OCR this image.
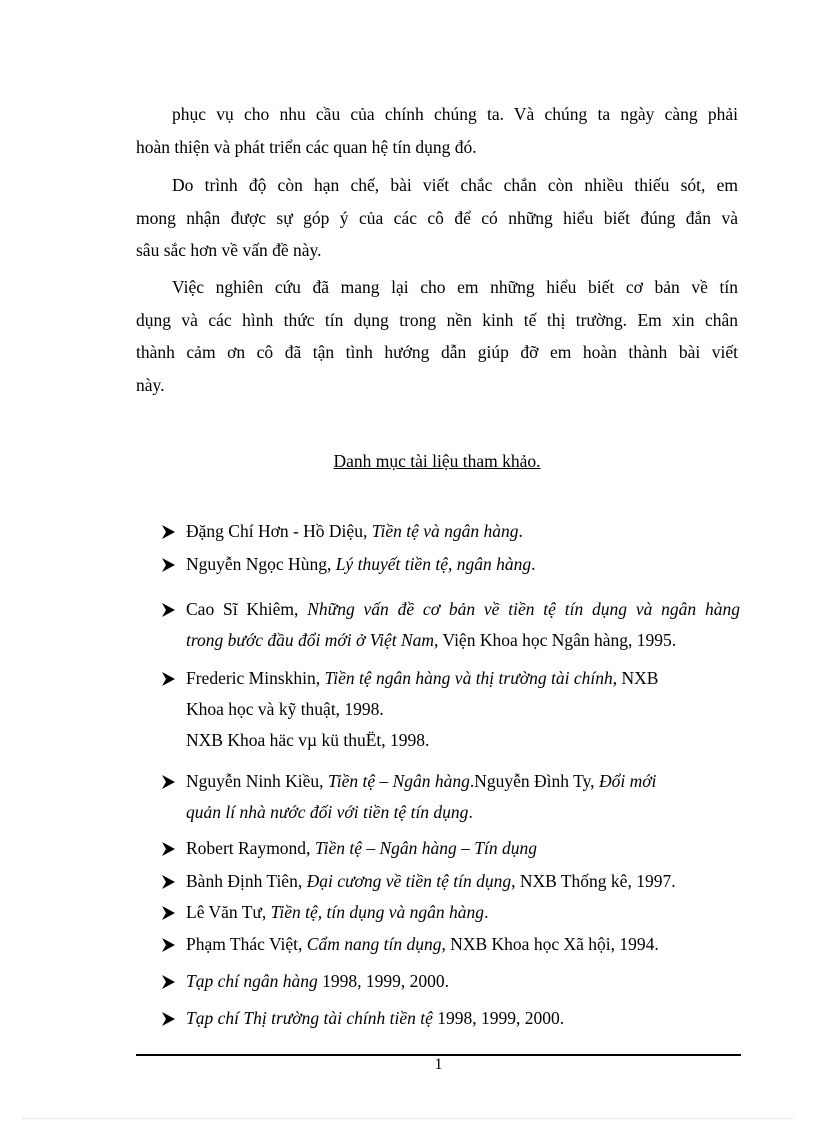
phục vụ cho nhu cầu của chính chúng ta. Và chúng ta ngày càng phải
hoàn thiện và phát triển các quan hệ tín dụng đó.
Do trình độ còn hạn chế, bài viết chắc chắn còn nhiều thiếu sót, em
mong nhận được sự góp ý của các cô để có những hiểu biết đúng đắn và
sâu sắc hơn về vấn đề này.
Việc nghiên cứu đã mang lại cho em những hiểu biết cơ bản về tín
dụng và các hình thức tín dụng trong nền kinh tế thị trường. Em xin chân
thành cảm ơn cô đã tận tình hướng dẫn giúp đỡ em hoàn thành bài viết
này.
Danh mục tài liệu tham khảo.
Đặng Chí Hơn - Hồ Diệu, Tiền tệ và ngân hàng.
Nguyễn Ngọc Hùng, Lý thuyết tiền tệ, ngân hàng.
Cao Sĩ Khiêm, Những vấn đề cơ bản về tiền tệ tín dụng và ngân hàng
trong bước đầu đổi mới ở Việt Nam, Viện Khoa học Ngân hàng, 1995.
Frederic Minskhin, Tiền tệ ngân hàng và thị trường tài chính, NXB
Khoa học và kỹ thuật, 1998.
NXB Khoa häc vµ kü thuËt, 1998.
Nguyễn Ninh Kiều, Tiền tệ – Ngân hàng.Nguyễn Đình Ty, Đổi mới
quản lí nhà nước đối với tiền tệ tín dụng.
Robert Raymond, Tiền tệ – Ngân hàng – Tín dụng
Bành Định Tiên, Đại cương về tiền tệ tín dụng, NXB Thống kê, 1997.
Lê Văn Tư, Tiền tệ, tín dụng và ngân hàng.
Phạm Thác Việt, Cẩm nang tín dụng, NXB Khoa học Xã hội, 1994.
Tạp chí ngân hàng 1998, 1999, 2000.
Tạp chí Thị trường tài chính tiền tệ 1998, 1999, 2000.
1
